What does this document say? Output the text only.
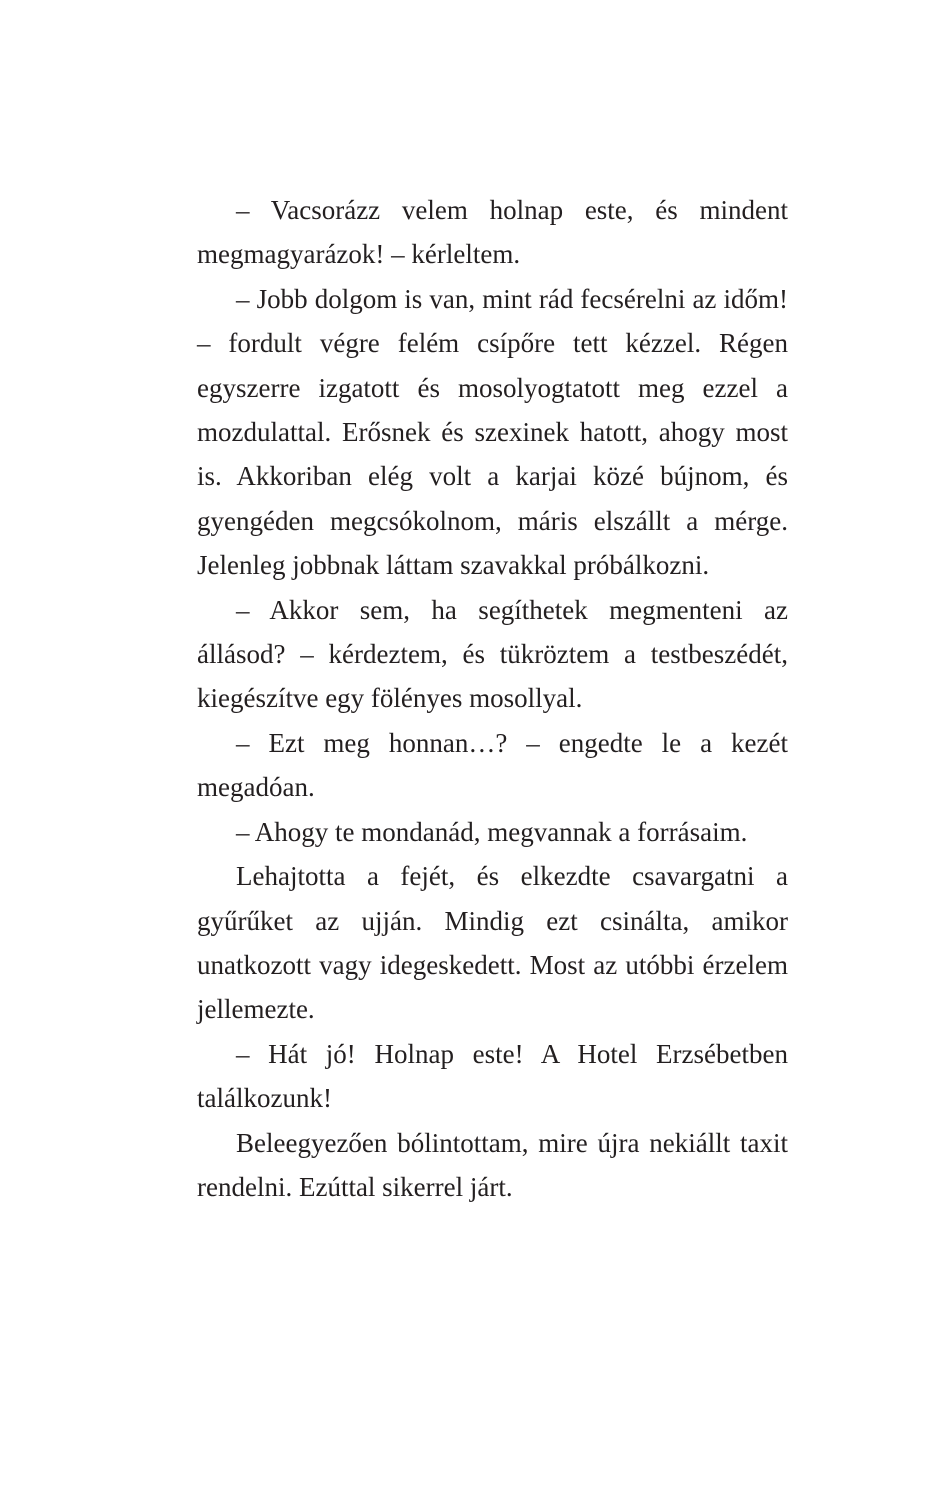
– Vacsorázz velem holnap este, és mindent megmagyarázok! – kérleltem.

– Jobb dolgom is van, mint rád fecsérelni az időm! – fordult végre felém csípőre tett kézzel. Régen egyszerre izgatott és mosolyogtatott meg ezzel a mozdulattal. Erősnek és szexinek hatott, ahogy most is. Akkoriban elég volt a karjai közé bújnom, és gyengéden megcsókolnom, máris elszállt a mérge. Jelenleg jobbnak láttam szavakkal próbálkozni.

– Akkor sem, ha segíthetek megmenteni az állásod? – kérdeztem, és tükröztem a testbeszédét, kiegészítve egy fölényes mosollyal.

– Ezt meg honnan…? – engedte le a kezét megadóan.

– Ahogy te mondanád, megvannak a forrásaim.

Lehajtotta a fejét, és elkezdte csavargatni a gyűrűket az ujján. Mindig ezt csinálta, amikor unatkozott vagy idegeskedett. Most az utóbbi érzelem jellemezte.

– Hát jó! Holnap este! A Hotel Erzsébetben találkozunk!

Beleegyezően bólintottam, mire újra nekiállt taxit rendelni. Ezúttal sikerrel járt.
